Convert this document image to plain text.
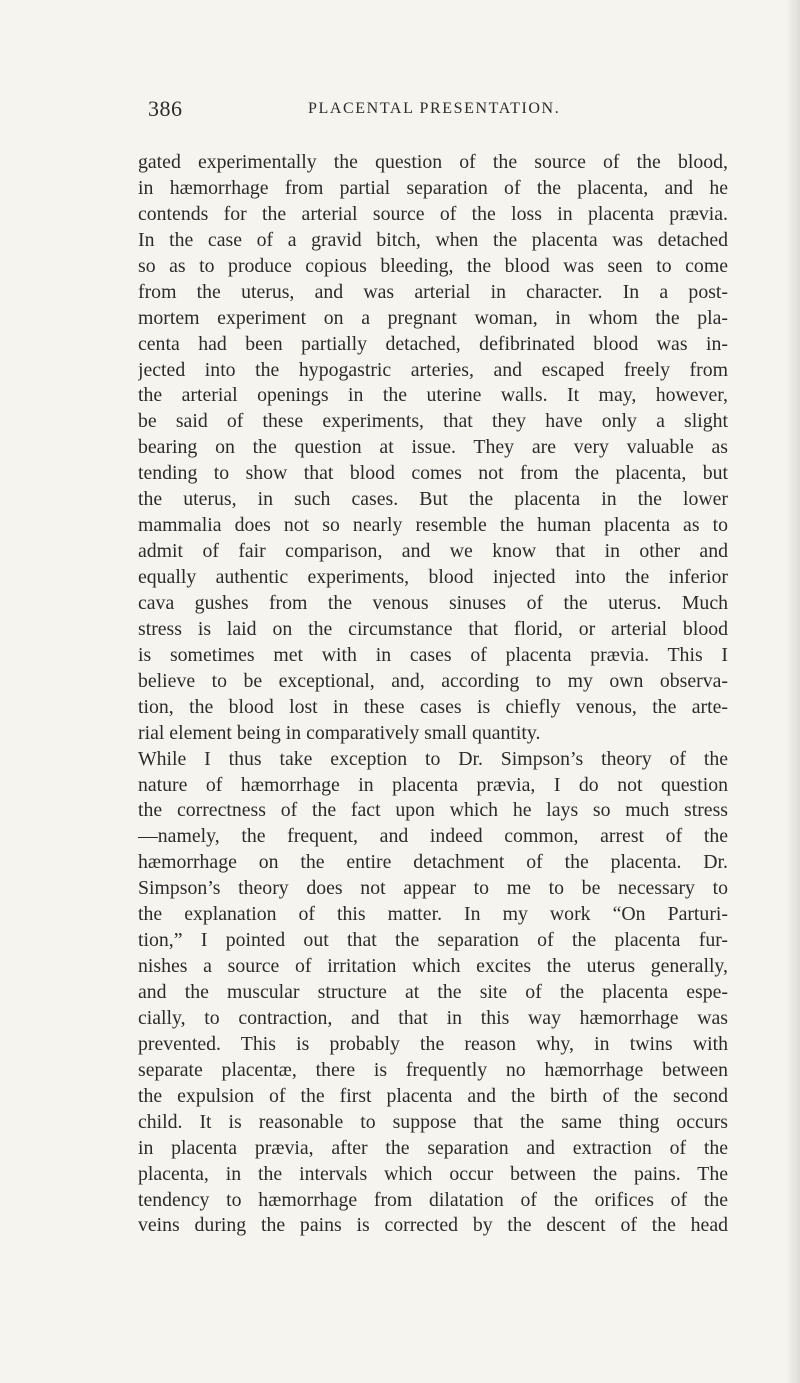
386	PLACENTAL PRESENTATION.
gated experimentally the question of the source of the blood,
in hæmorrhage from partial separation of the placenta, and he
contends for the arterial source of the loss in placenta prævia.
In the case of a gravid bitch, when the placenta was detached
so as to produce copious bleeding, the blood was seen to come
from the uterus, and was arterial in character. In a post-
mortem experiment on a pregnant woman, in whom the pla-
centa had been partially detached, defibrinated blood was in-
jected into the hypogastric arteries, and escaped freely from
the arterial openings in the uterine walls. It may, however,
be said of these experiments, that they have only a slight
bearing on the question at issue. They are very valuable as
tending to show that blood comes not from the placenta, but
the uterus, in such cases. But the placenta in the lower
mammalia does not so nearly resemble the human placenta as to
admit of fair comparison, and we know that in other and
equally authentic experiments, blood injected into the inferior
cava gushes from the venous sinuses of the uterus. Much
stress is laid on the circumstance that florid, or arterial blood
is sometimes met with in cases of placenta prævia. This I
believe to be exceptional, and, according to my own observa-
tion, the blood lost in these cases is chiefly venous, the arte-
rial element being in comparatively small quantity.
While I thus take exception to Dr. Simpson’s theory of the
nature of hæmorrhage in placenta prævia, I do not question
the correctness of the fact upon which he lays so much stress
—namely, the frequent, and indeed common, arrest of the
hæmorrhage on the entire detachment of the placenta. Dr.
Simpson’s theory does not appear to me to be necessary to
the explanation of this matter. In my work “On Parturi-
tion,” I pointed out that the separation of the placenta fur-
nishes a source of irritation which excites the uterus generally,
and the muscular structure at the site of the placenta espe-
cially, to contraction, and that in this way hæmorrhage was
prevented. This is probably the reason why, in twins with
separate placentæ, there is frequently no hæmorrhage between
the expulsion of the first placenta and the birth of the second
child. It is reasonable to suppose that the same thing occurs
in placenta prævia, after the separation and extraction of the
placenta, in the intervals which occur between the pains. The
tendency to hæmorrhage from dilatation of the orifices of the
veins during the pains is corrected by the descent of the head
